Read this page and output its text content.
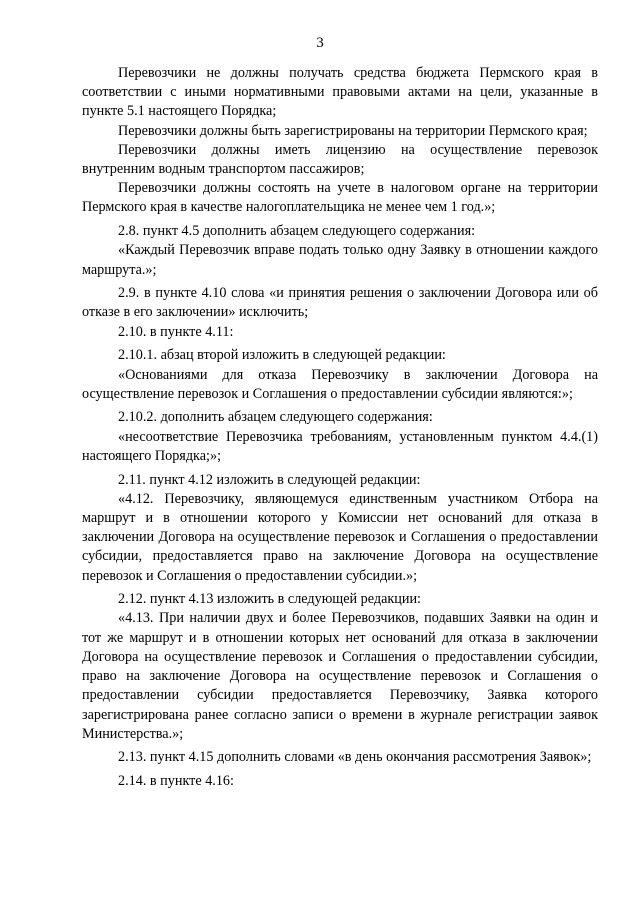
3

Перевозчики не должны получать средства бюджета Пермского края в соответствии с иными нормативными правовыми актами на цели, указанные в пункте 5.1 настоящего Порядка;

Перевозчики должны быть зарегистрированы на территории Пермского края;

Перевозчики должны иметь лицензию на осуществление перевозок внутренним водным транспортом пассажиров;

Перевозчики должны состоять на учете в налоговом органе на территории Пермского края в качестве налогоплательщика не менее чем 1 год.»;

2.8. пункт 4.5 дополнить абзацем следующего содержания:

«Каждый Перевозчик вправе подать только одну Заявку в отношении каждого маршрута.»;

2.9. в пункте 4.10 слова «и принятия решения о заключении Договора или об отказе в его заключении» исключить;

2.10. в пункте 4.11:

2.10.1. абзац второй изложить в следующей редакции:

«Основаниями для отказа Перевозчику в заключении Договора на осуществление перевозок и Соглашения о предоставлении субсидии являются:»;

2.10.2. дополнить абзацем следующего содержания:

«несоответствие Перевозчика требованиям, установленным пунктом 4.4.(1) настоящего Порядка;»;

2.11. пункт 4.12 изложить в следующей редакции:

«4.12. Перевозчику, являющемуся единственным участником Отбора на маршрут и в отношении которого у Комиссии нет оснований для отказа в заключении Договора на осуществление перевозок и Соглашения о предоставлении субсидии, предоставляется право на заключение Договора на осуществление перевозок и Соглашения о предоставлении субсидии.»;

2.12. пункт 4.13 изложить в следующей редакции:

«4.13. При наличии двух и более Перевозчиков, подавших Заявки на один и тот же маршрут и в отношении которых нет оснований для отказа в заключении Договора на осуществление перевозок и Соглашения о предоставлении субсидии, право на заключение Договора на осуществление перевозок и Соглашения о предоставлении субсидии предоставляется Перевозчику, Заявка которого зарегистрирована ранее согласно записи о времени в журнале регистрации заявок Министерства.»;

2.13. пункт 4.15 дополнить словами «в день окончания рассмотрения Заявок»;

2.14. в пункте 4.16:
